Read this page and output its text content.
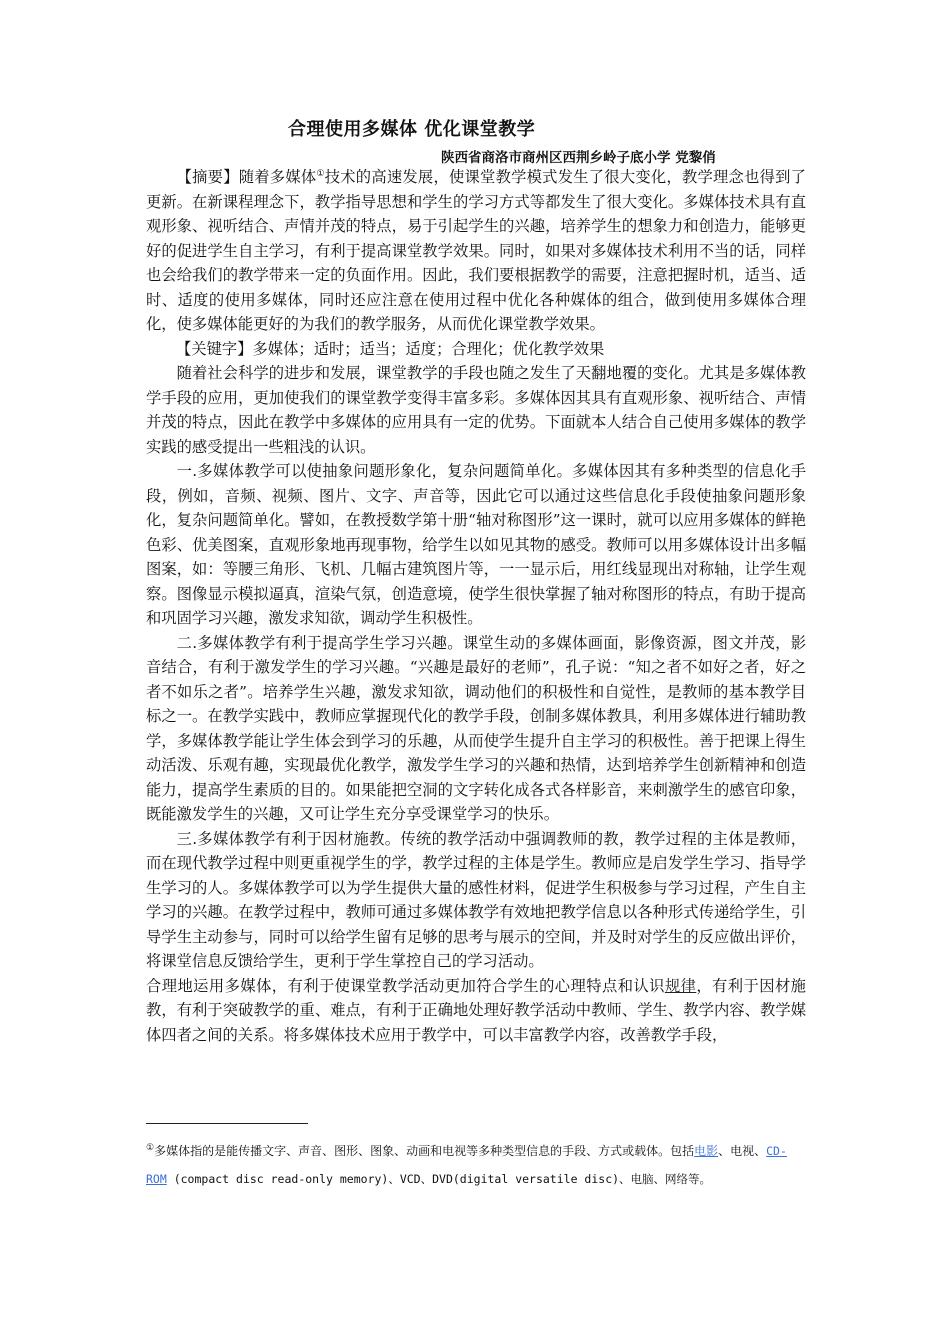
合理使用多媒体 优化课堂教学
陕西省商洛市商州区西荆乡岭子底小学 党黎俏

【摘要】随着多媒体①技术的高速发展，使课堂教学模式发生了很大变化，教学理念也得到了更新。在新课程理念下，教学指导思想和学生的学习方式等都发生了很大变化。多媒体技术具有直观形象、视听结合、声情并茂的特点，易于引起学生的兴趣，培养学生的想象力和创造力，能够更好的促进学生自主学习，有利于提高课堂教学效果。同时，如果对多媒体技术利用不当的话，同样也会给我们的教学带来一定的负面作用。因此，我们要根据教学的需要，注意把握时机，适当、适时、适度的使用多媒体，同时还应注意在使用过程中优化各种媒体的组合，做到使用多媒体合理化，使多媒体能更好的为我们的教学服务，从而优化课堂教学效果。

【关键字】多媒体；适时；适当；适度；合理化；优化教学效果

随着社会科学的进步和发展，课堂教学的手段也随之发生了天翻地覆的变化。尤其是多媒体教学手段的应用，更加使我们的课堂教学变得丰富多彩。多媒体因其具有直观形象、视听结合、声情并茂的特点，因此在教学中多媒体的应用具有一定的优势。下面就本人结合自己使用多媒体的教学实践的感受提出一些粗浅的认识。

一.多媒体教学可以使抽象问题形象化，复杂问题简单化。多媒体因其有多种类型的信息化手段，例如，音频、视频、图片、文字、声音等，因此它可以通过这些信息化手段使抽象问题形象化，复杂问题简单化。譬如，在教授数学第十册“轴对称图形”这一课时，就可以应用多媒体的鲜艳色彩、优美图案，直观形象地再现事物，给学生以如见其物的感受。教师可以用多媒体设计出多幅图案，如：等腰三角形、飞机、几幅古建筑图片等，一一显示后，用红线显现出对称轴，让学生观察。图像显示模拟逼真，渲染气氛，创造意境，使学生很快掌握了轴对称图形的特点，有助于提高和巩固学习兴趣，激发求知欲，调动学生积极性。

二.多媒体教学有利于提高学生学习兴趣。课堂生动的多媒体画面，影像资源，图文并茂，影音结合，有利于激发学生的学习兴趣。“兴趣是最好的老师”，孔子说：“知之者不如好之者，好之者不如乐之者”。培养学生兴趣，激发求知欲，调动他们的积极性和自觉性，是教师的基本教学目标之一。在教学实践中，教师应掌握现代化的教学手段，创制多媒体教具，利用多媒体进行辅助教学，多媒体教学能让学生体会到学习的乐趣，从而使学生提升自主学习的积极性。善于把课上得生动活泼、乐观有趣，实现最优化教学，激发学生学习的兴趣和热情，达到培养学生创新精神和创造能力，提高学生素质的目的。如果能把空洞的文字转化成各式各样影音，来刺激学生的感官印象，既能激发学生的兴趣，又可让学生充分享受课堂学习的快乐。

三.多媒体教学有利于因材施教。传统的教学活动中强调教师的教，教学过程的主体是教师，而在现代教学过程中则更重视学生的学，教学过程的主体是学生。教师应是启发学生学习、指导学生学习的人。多媒体教学可以为学生提供大量的感性材料，促进学生积极参与学习过程，产生自主学习的兴趣。在教学过程中，教师可通过多媒体教学有效地把教学信息以各种形式传递给学生，引导学生主动参与，同时可以给学生留有足够的思考与展示的空间，并及时对学生的反应做出评价，将课堂信息反馈给学生，更利于学生掌控自己的学习活动。

合理地运用多媒体，有利于使课堂教学活动更加符合学生的心理特点和认识规律，有利于因材施教，有利于突破教学的重、难点，有利于正确地处理好教学活动中教师、学生、教学内容、教学媒体四者之间的关系。将多媒体技术应用于教学中，可以丰富教学内容，改善教学手段，

①多媒体指的是能传播文字、声音、图形、图象、动画和电视等多种类型信息的手段、方式或载体。包括电影、电视、CD-ROM (compact disc read-only memory)、VCD、DVD(digital versatile disc)、电脑、网络等。
